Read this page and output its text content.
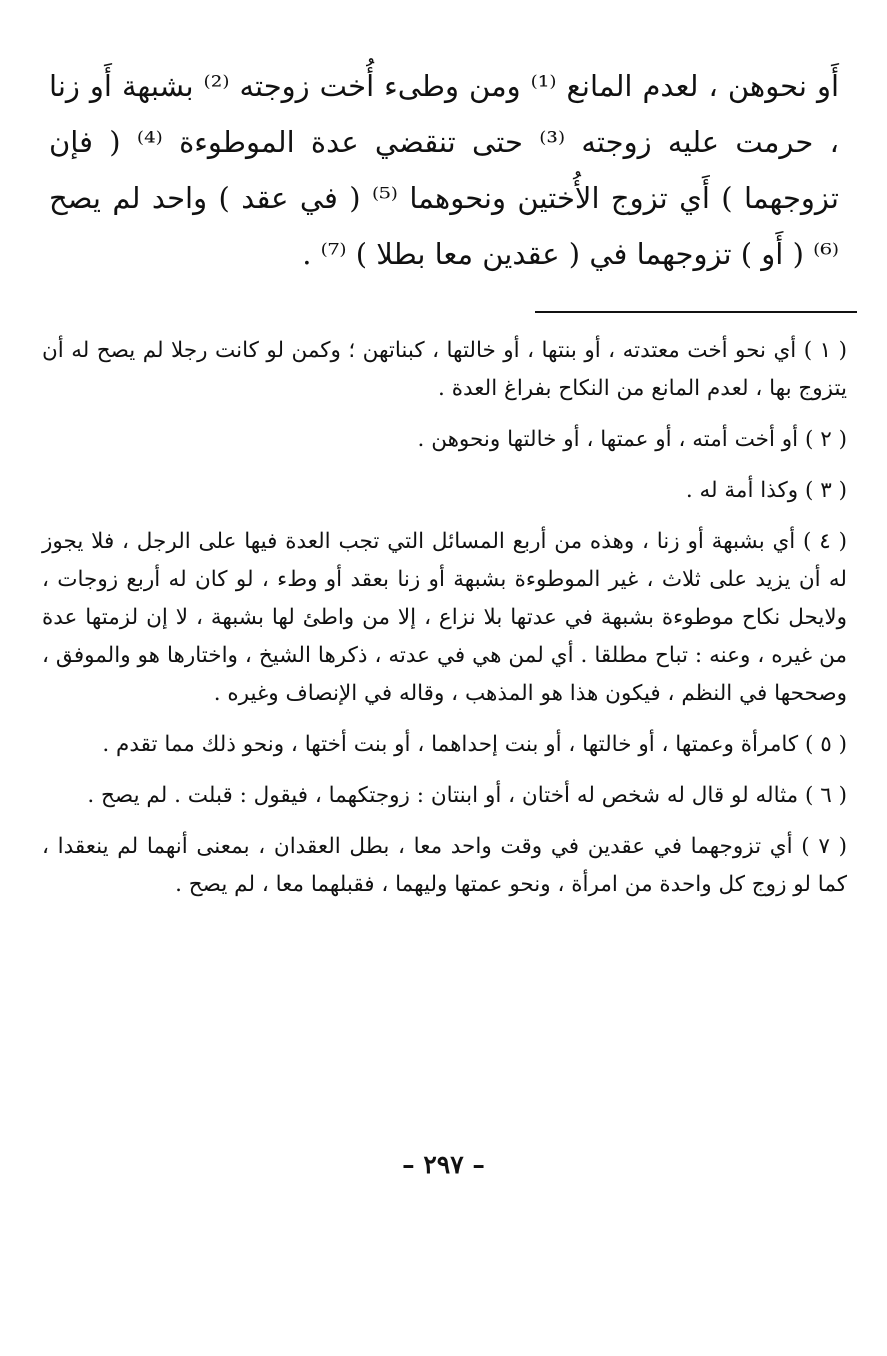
أَو نحوهن ، لعدم المانع ⁽¹⁾ ومن وطىء أُخت زوجته ⁽²⁾ بشبهة أَو زنا ، حرمت عليه زوجته ⁽³⁾ حتى تنقضي عدة الموطوءة ⁽⁴⁾ ( فإن تزوجهما ) أَي تزوج الأُختين ونحوهما ⁽⁵⁾ ( في عقد ) واحد لم يصح ⁽⁶⁾ ( أَو ) تزوجهما في ( عقدين معا بطلا ) ⁽⁷⁾ .

( ١ ) أي نحو أخت معتدته ، أو بنتها ، أو خالتها ، كبناتهن ؛ وكمن لو كانت رجلا لم يصح له أن يتزوج بها ، لعدم المانع من النكاح بفراغ العدة .

( ٢ ) أو أخت أمته ، أو عمتها ، أو خالتها ونحوهن .

( ٣ ) وكذا أمة له .

( ٤ ) أي بشبهة أو زنا ، وهذه من أربع المسائل التي تجب العدة فيها على الرجل ، فلا يجوز له أن يزيد على ثلاث ، غير الموطوءة بشبهة أو زنا بعقد أو وطء ، لو كان له أربع زوجات ، ولايحل نكاح موطوءة بشبهة في عدتها بلا نزاع ، إلا من واطئ لها بشبهة ، لا إن لزمتها عدة من غيره ، وعنه : تباح مطلقا . أي لمن هي في عدته ، ذكرها الشيخ ، واختارها هو والموفق ، وصححها في النظم ، فيكون هذا هو المذهب ، وقاله في الإنصاف وغيره .

( ٥ ) كامرأة وعمتها ، أو خالتها ، أو بنت إحداهما ، أو بنت أختها ، ونحو ذلك مما تقدم .

( ٦ ) مثاله لو قال له شخص له أختان ، أو ابنتان : زوجتكهما ، فيقول : قبلت . لم يصح .

( ٧ ) أي تزوجهما في عقدين في وقت واحد معا ، بطل العقدان ، بمعنى أنهما لم ينعقدا ، كما لو زوج كل واحدة من امرأة ، ونحو عمتها وليهما ، فقبلهما معا ، لم يصح .

– ٢٩٧ –
